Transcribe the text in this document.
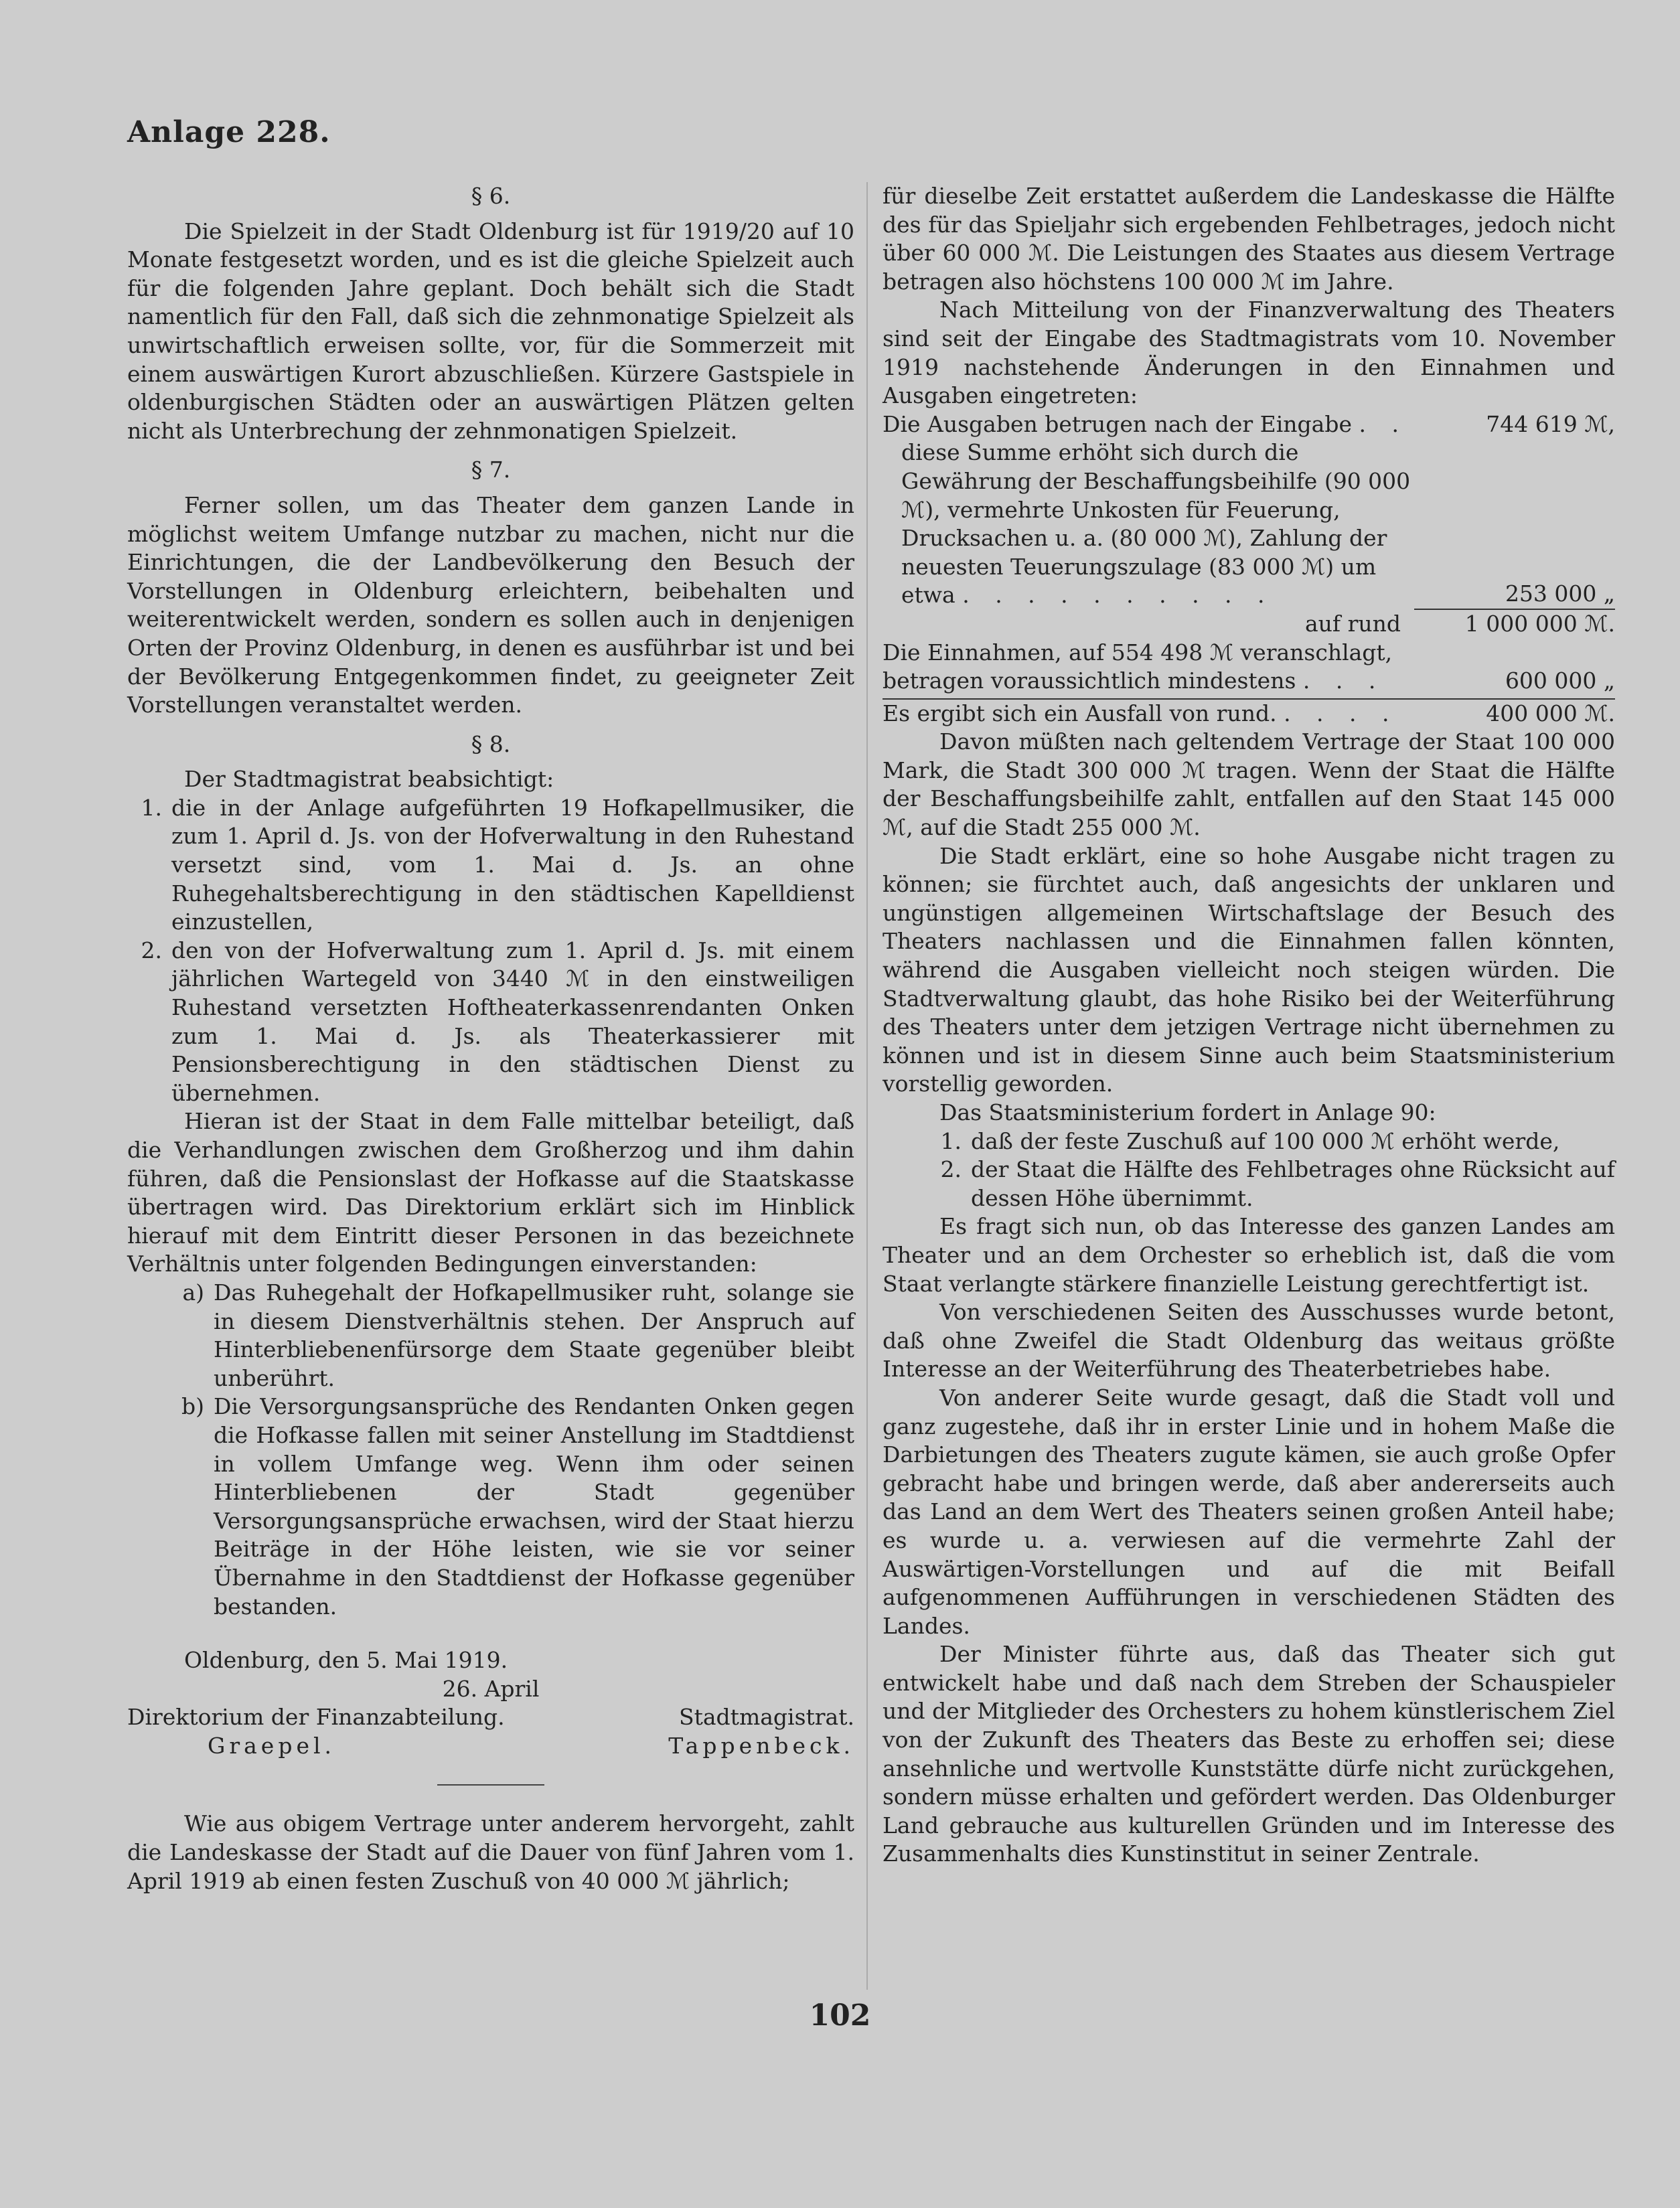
Anlage 228.

§ 6.

Die Spielzeit in der Stadt Oldenburg ist für 1919/20 auf 10 Monate festgesetzt worden, und es ist die gleiche Spielzeit auch für die folgenden Jahre geplant. Doch behält sich die Stadt namentlich für den Fall, daß sich die zehnmonatige Spielzeit als unwirtschaftlich erweisen sollte, vor, für die Sommerzeit mit einem auswärtigen Kurort abzuschließen. Kürzere Gastspiele in oldenburgischen Städten oder an auswärtigen Plätzen gelten nicht als Unterbrechung der zehnmonatigen Spielzeit.

§ 7.

Ferner sollen, um das Theater dem ganzen Lande in möglichst weitem Umfange nutzbar zu machen, nicht nur die Einrichtungen, die der Landbevölkerung den Besuch der Vorstellungen in Oldenburg erleichtern, beibehalten und weiterentwickelt werden, sondern es sollen auch in denjenigen Orten der Provinz Oldenburg, in denen es ausführbar ist und bei der Bevölkerung Entgegenkommen findet, zu geeigneter Zeit Vorstellungen veranstaltet werden.

§ 8.

Der Stadtmagistrat beabsichtigt:

1. die in der Anlage aufgeführten 19 Hofkapellmusiker, die zum 1. April d. Js. von der Hofverwaltung in den Ruhestand versetzt sind, vom 1. Mai d. Js. an ohne Ruhegehaltsberechtigung in den städtischen Kapelldienst einzustellen,
2. den von der Hofverwaltung zum 1. April d. Js. mit einem jährlichen Wartegeld von 3440 ℳ in den einstweiligen Ruhestand versetzten Hoftheaterkassenrendanten Onken zum 1. Mai d. Js. als Theaterkassierer mit Pensionsberechtigung in den städtischen Dienst zu übernehmen.

Hieran ist der Staat in dem Falle mittelbar beteiligt, daß die Verhandlungen zwischen dem Großherzog und ihm dahin führen, daß die Pensionslast der Hofkasse auf die Staatskasse übertragen wird. Das Direktorium erklärt sich im Hinblick hierauf mit dem Eintritt dieser Personen in das bezeichnete Verhältnis unter folgenden Bedingungen einverstanden:

a) Das Ruhegehalt der Hofkapellmusiker ruht, solange sie in diesem Dienstverhältnis stehen. Der Anspruch auf Hinterbliebenenfürsorge dem Staate gegenüber bleibt unberührt.
b) Die Versorgungsansprüche des Rendanten Onken gegen die Hofkasse fallen mit seiner Anstellung im Stadtdienst in vollem Umfange weg. Wenn ihm oder seinen Hinterbliebenen der Stadt gegenüber Versorgungsansprüche erwachsen, wird der Staat hierzu Beiträge in der Höhe leisten, wie sie vor seiner Übernahme in den Stadtdienst der Hofkasse gegenüber bestanden.

Oldenburg, den 5. Mai 1919.

26. April

Direktorium der Finanzabteilung.	Stadtmagistrat.
Graepel.	Tappenbeck.

Wie aus obigem Vertrage unter anderem hervorgeht, zahlt die Landeskasse der Stadt auf die Dauer von fünf Jahren vom 1. April 1919 ab einen festen Zuschuß von 40 000 ℳ jährlich;

für dieselbe Zeit erstattet außerdem die Landeskasse die Hälfte des für das Spieljahr sich ergebenden Fehlbetrages, jedoch nicht über 60 000 ℳ. Die Leistungen des Staates aus diesem Vertrage betragen also höchstens 100 000 ℳ im Jahre.

Nach Mitteilung von der Finanzverwaltung des Theaters sind seit der Eingabe des Stadtmagistrats vom 10. November 1919 nachstehende Änderungen in den Einnahmen und Ausgaben eingetreten:

Die Ausgaben betrugen nach der Eingabe . .	744 619 ℳ,
diese Summe erhöht sich durch die Gewährung der Beschaffungsbeihilfe (90 000 ℳ), vermehrte Unkosten für Feuerung, Drucksachen u. a. (80 000 ℳ), Zahlung der neuesten Teuerungszulage (83 000 ℳ) um etwa . . . . . . . . . .	253 000 „
auf rund	1 000 000 ℳ.
Die Einnahmen, auf 554 498 ℳ veranschlagt, betragen voraussichtlich mindestens . . .	600 000 „
Es ergibt sich ein Ausfall von rund. . . . .	400 000 ℳ.

Davon müßten nach geltendem Vertrage der Staat 100 000 Mark, die Stadt 300 000 ℳ tragen. Wenn der Staat die Hälfte der Beschaffungsbeihilfe zahlt, entfallen auf den Staat 145 000 ℳ, auf die Stadt 255 000 ℳ.

Die Stadt erklärt, eine so hohe Ausgabe nicht tragen zu können; sie fürchtet auch, daß angesichts der unklaren und ungünstigen allgemeinen Wirtschaftslage der Besuch des Theaters nachlassen und die Einnahmen fallen könnten, während die Ausgaben vielleicht noch steigen würden. Die Stadtverwaltung glaubt, das hohe Risiko bei der Weiterführung des Theaters unter dem jetzigen Vertrage nicht übernehmen zu können und ist in diesem Sinne auch beim Staatsministerium vorstellig geworden.

Das Staatsministerium fordert in Anlage 90:

1. daß der feste Zuschuß auf 100 000 ℳ erhöht werde,
2. der Staat die Hälfte des Fehlbetrages ohne Rücksicht auf dessen Höhe übernimmt.

Es fragt sich nun, ob das Interesse des ganzen Landes am Theater und an dem Orchester so erheblich ist, daß die vom Staat verlangte stärkere finanzielle Leistung gerechtfertigt ist.

Von verschiedenen Seiten des Ausschusses wurde betont, daß ohne Zweifel die Stadt Oldenburg das weitaus größte Interesse an der Weiterführung des Theaterbetriebes habe.

Von anderer Seite wurde gesagt, daß die Stadt voll und ganz zugestehe, daß ihr in erster Linie und in hohem Maße die Darbietungen des Theaters zugute kämen, sie auch große Opfer gebracht habe und bringen werde, daß aber andererseits auch das Land an dem Wert des Theaters seinen großen Anteil habe; es wurde u. a. verwiesen auf die vermehrte Zahl der Auswärtigen-Vorstellungen und auf die mit Beifall aufgenommenen Aufführungen in verschiedenen Städten des Landes.

Der Minister führte aus, daß das Theater sich gut entwickelt habe und daß nach dem Streben der Schauspieler und der Mitglieder des Orchesters zu hohem künstlerischem Ziel von der Zukunft des Theaters das Beste zu erhoffen sei; diese ansehnliche und wertvolle Kunststätte dürfe nicht zurückgehen, sondern müsse erhalten und gefördert werden. Das Oldenburger Land gebrauche aus kulturellen Gründen und im Interesse des Zusammenhalts dies Kunstinstitut in seiner Zentrale.

102
